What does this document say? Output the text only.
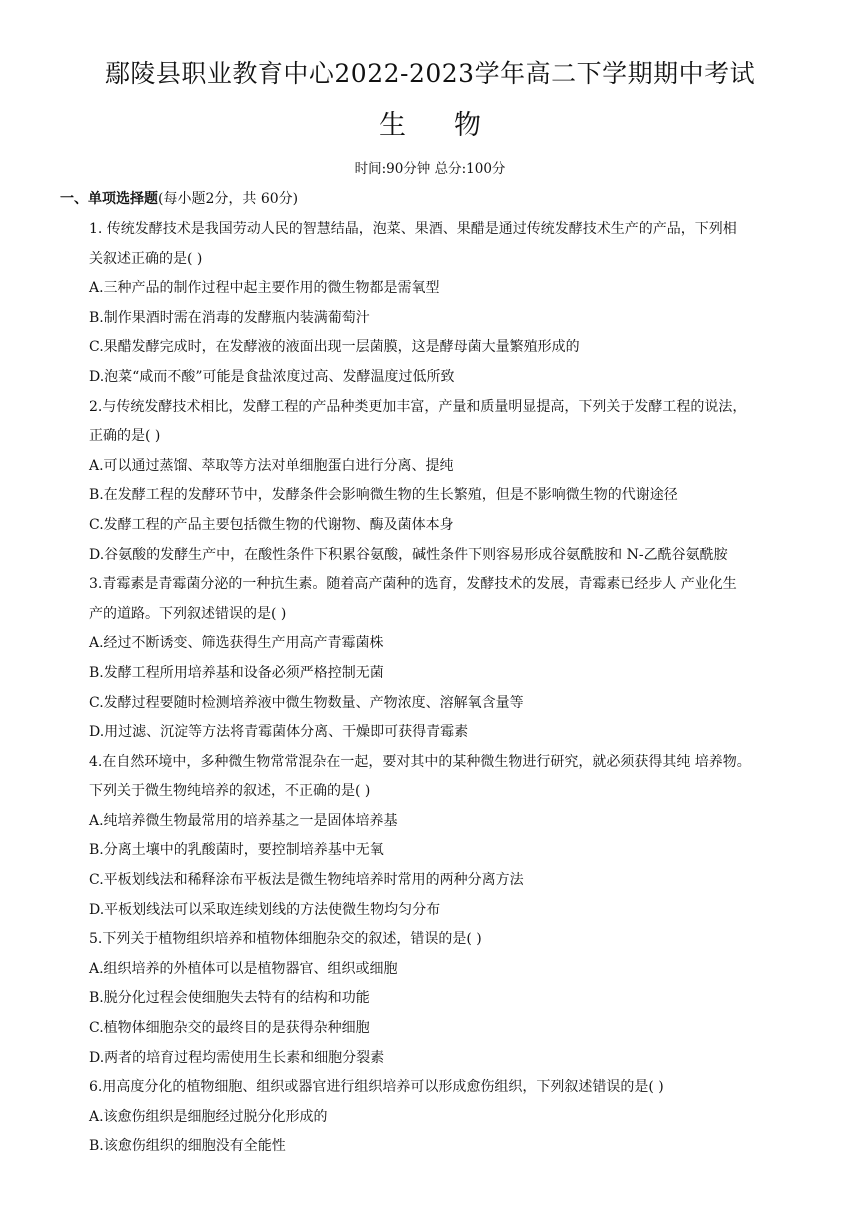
鄢陵县职业教育中心2022-2023学年高二下学期期中考试
生 物
时间:90分钟 总分:100分
一、单项选择题(每小题2分，共 60分)
1. 传统发酵技术是我国劳动人民的智慧结晶，泡菜、果酒、果醋是通过传统发酵技术生产的产品，下列相
关叙述正确的是( )
A.三种产品的制作过程中起主要作用的微生物都是需氧型
B.制作果酒时需在消毒的发酵瓶内装满葡萄汁
C.果醋发酵完成时，在发酵液的液面出现一层菌膜，这是酵母菌大量繁殖形成的
D.泡菜“咸而不酸”可能是食盐浓度过高、发酵温度过低所致
2.与传统发酵技术相比，发酵工程的产品种类更加丰富，产量和质量明显提高，下列关于发酵工程的说法，
正确的是( )
A.可以通过蒸馏、萃取等方法对单细胞蛋白进行分离、提纯
B.在发酵工程的发酵环节中，发酵条件会影响微生物的生长繁殖，但是不影响微生物的代谢途径
C.发酵工程的产品主要包括微生物的代谢物、酶及菌体本身
D.谷氨酸的发酵生产中，在酸性条件下积累谷氨酸，碱性条件下则容易形成谷氨酰胺和 N-乙酰谷氨酰胺
3.青霉素是青霉菌分泌的一种抗生素。随着高产菌种的选育，发酵技术的发展，青霉素已经步人 产业化生
产的道路。下列叙述错误的是( )
A.经过不断诱变、筛选获得生产用高产青霉菌株
B.发酵工程所用培养基和设备必须严格控制无菌
C.发酵过程要随时检测培养液中微生物数量、产物浓度、溶解氧含量等
D.用过滤、沉淀等方法将青霉菌体分离、干燥即可获得青霉素
4.在自然环境中，多种微生物常常混杂在一起，要对其中的某种微生物进行研究，就必须获得其纯 培养物。
下列关于微生物纯培养的叙述，不正确的是( )
A.纯培养微生物最常用的培养基之一是固体培养基
B.分离土壤中的乳酸菌时，要控制培养基中无氧
C.平板划线法和稀释涂布平板法是微生物纯培养时常用的两种分离方法
D.平板划线法可以采取连续划线的方法使微生物均匀分布
5.下列关于植物组织培养和植物体细胞杂交的叙述，错误的是( )
A.组织培养的外植体可以是植物器官、组织或细胞
B.脱分化过程会使细胞失去特有的结构和功能
C.植物体细胞杂交的最终目的是获得杂种细胞
D.两者的培育过程均需使用生长素和细胞分裂素
6.用高度分化的植物细胞、组织或器官进行组织培养可以形成愈伤组织，下列叙述错误的是( )
A.该愈伤组织是细胞经过脱分化形成的
B.该愈伤组织的细胞没有全能性
